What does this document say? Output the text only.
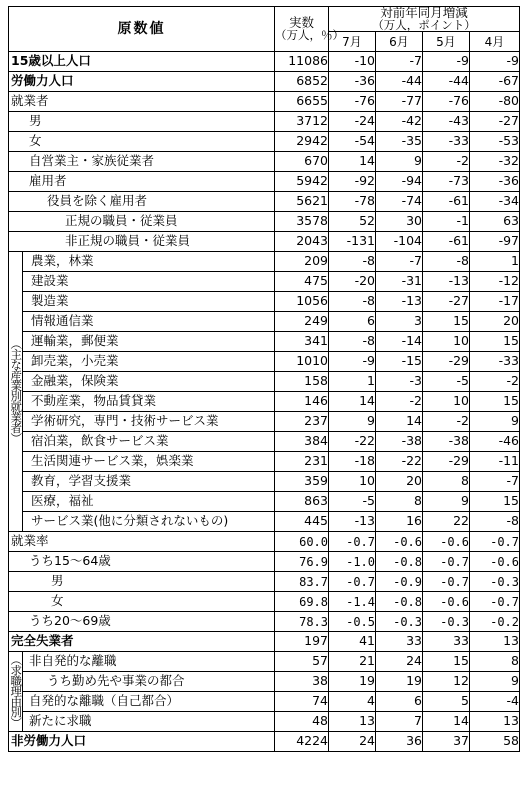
原数値		実数
（万人，％）	対前年同月増減
（万人，ポイント）			

			7月	6月	5月	4月
15歳以上人口		11086	-10	-7	-9	-9
労働力人口		6852	-36	-44	-44	-67
就業者		6655	-76	-77	-76	-80
男		3712	-24	-42	-43	-27
女		2942	-54	-35	-33	-53
自営業主・家族従業者		670	14	9	-2	-32
雇用者		5942	-92	-94	-73	-36
役員を除く雇用者		5621	-78	-74	-61	-34
正規の職員・従業員		3578	52	30	-1	63
非正規の職員・従業員		2043	-131	-104	-61	-97
（主な産業別就業者）	農業，林業	209	-8	-7	-8	1
	建設業	475	-20	-31	-13	-12
	製造業	1056	-8	-13	-27	-17
	情報通信業	249	6	3	15	20
	運輸業，郵便業	341	-8	-14	10	15
	卸売業，小売業	1010	-9	-15	-29	-33
	金融業，保険業	158	1	-3	-5	-2
	不動産業，物品賃貸業	146	14	-2	10	15
	学術研究，専門・技術サービス業	237	9	14	-2	9
	宿泊業，飲食サービス業	384	-22	-38	-38	-46
	生活関連サービス業，娯楽業	231	-18	-22	-29	-11
	教育，学習支援業	359	10	20	8	-7
	医療，福祉	863	-5	8	9	15
	サービス業(他に分類されないもの)	445	-13	16	22	-8
就業率		60.0	-0.7	-0.6	-0.6	-0.7
うち15～64歳		76.9	-1.0	-0.8	-0.7	-0.6
男		83.7	-0.7	-0.9	-0.7	-0.3
女		69.8	-1.4	-0.8	-0.6	-0.7
うち20～69歳		78.3	-0.5	-0.3	-0.3	-0.2
完全失業者		197	41	33	33	13
（求職理由別）	非自発的な離職	57	21	24	15	8
	うち勤め先や事業の都合	38	19	19	12	9
	自発的な離職（自己都合）	74	4	6	5	-4
	新たに求職	48	13	7	14	13
非労働力人口		4224	24	36	37	58
